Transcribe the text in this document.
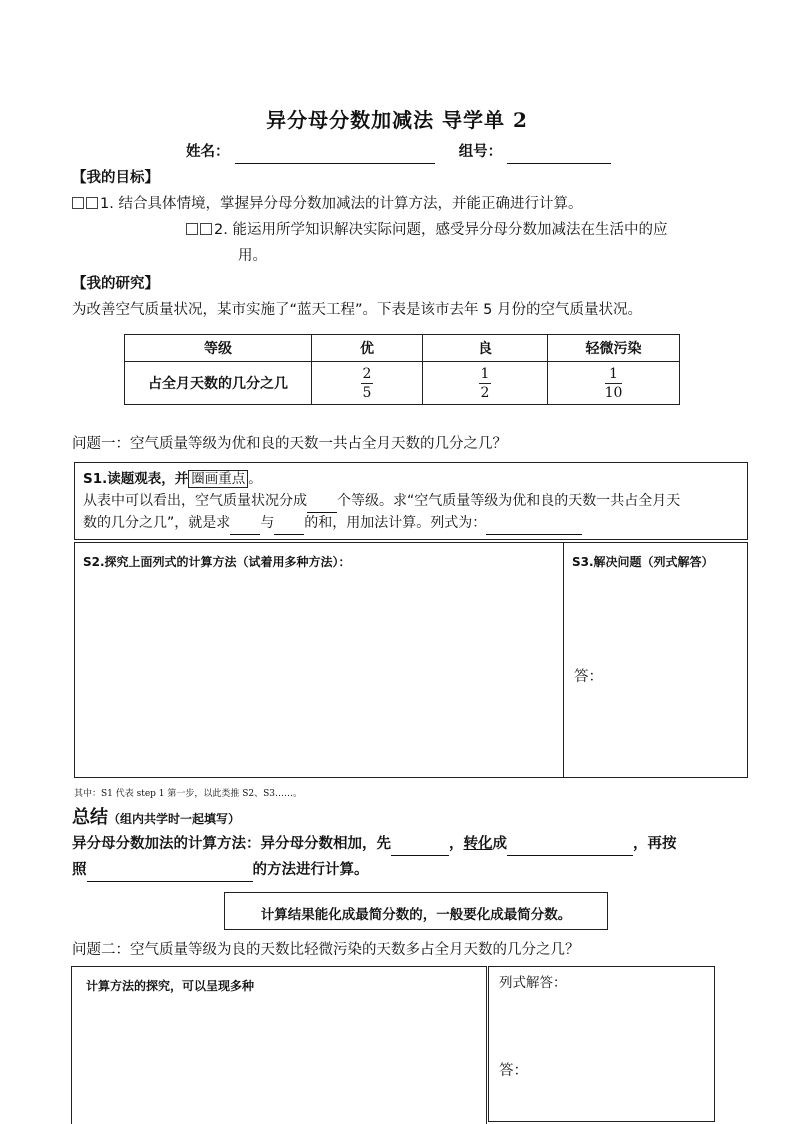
异分母分数加减法 导学单 2
姓名：	组号：
【我的目标】
1. 结合具体情境，掌握异分母分数加减法的计算方法，并能正确进行计算。
2. 能运用所学知识解决实际问题，感受异分母分数加减法在生活中的应
用。
【我的研究】
为改善空气质量状况，某市实施了“蓝天工程”。下表是该市去年 5 月份的空气质量状况。
等级	优	良	轻微污染
占全月天数的几分之几	$\frac{2}{5}$	$\frac{1}{2}$	$\frac{1}{10}$
问题一：空气质量等级为优和良的天数一共占全月天数的几分之几？
S1.读题观表，并 圈画重点 。
从表中可以看出，空气质量状况分成 个等级。求“空气质量等级为优和良的天数一共占全月天
数的几分之几”，就是求 与 的和，用加法计算。列式为：
S2.探究上面列式的计算方法（试着用多种方法）：	S3.解决问题（列式解答）
答：
其中：S1 代表 step 1 第一步，以此类推 S2、S3……。
总结（组内共学时一起填写）
异分母分数加法的计算方法：异分母分数相加，先	，转化成	，再按
照	的方法进行计算。
计算结果能化成最简分数的，一般要化成最简分数。
问题二：空气质量等级为良的天数比轻微污染的天数多占全月天数的几分之几？
计算方法的探究，可以呈现多种	列式解答：
答：
